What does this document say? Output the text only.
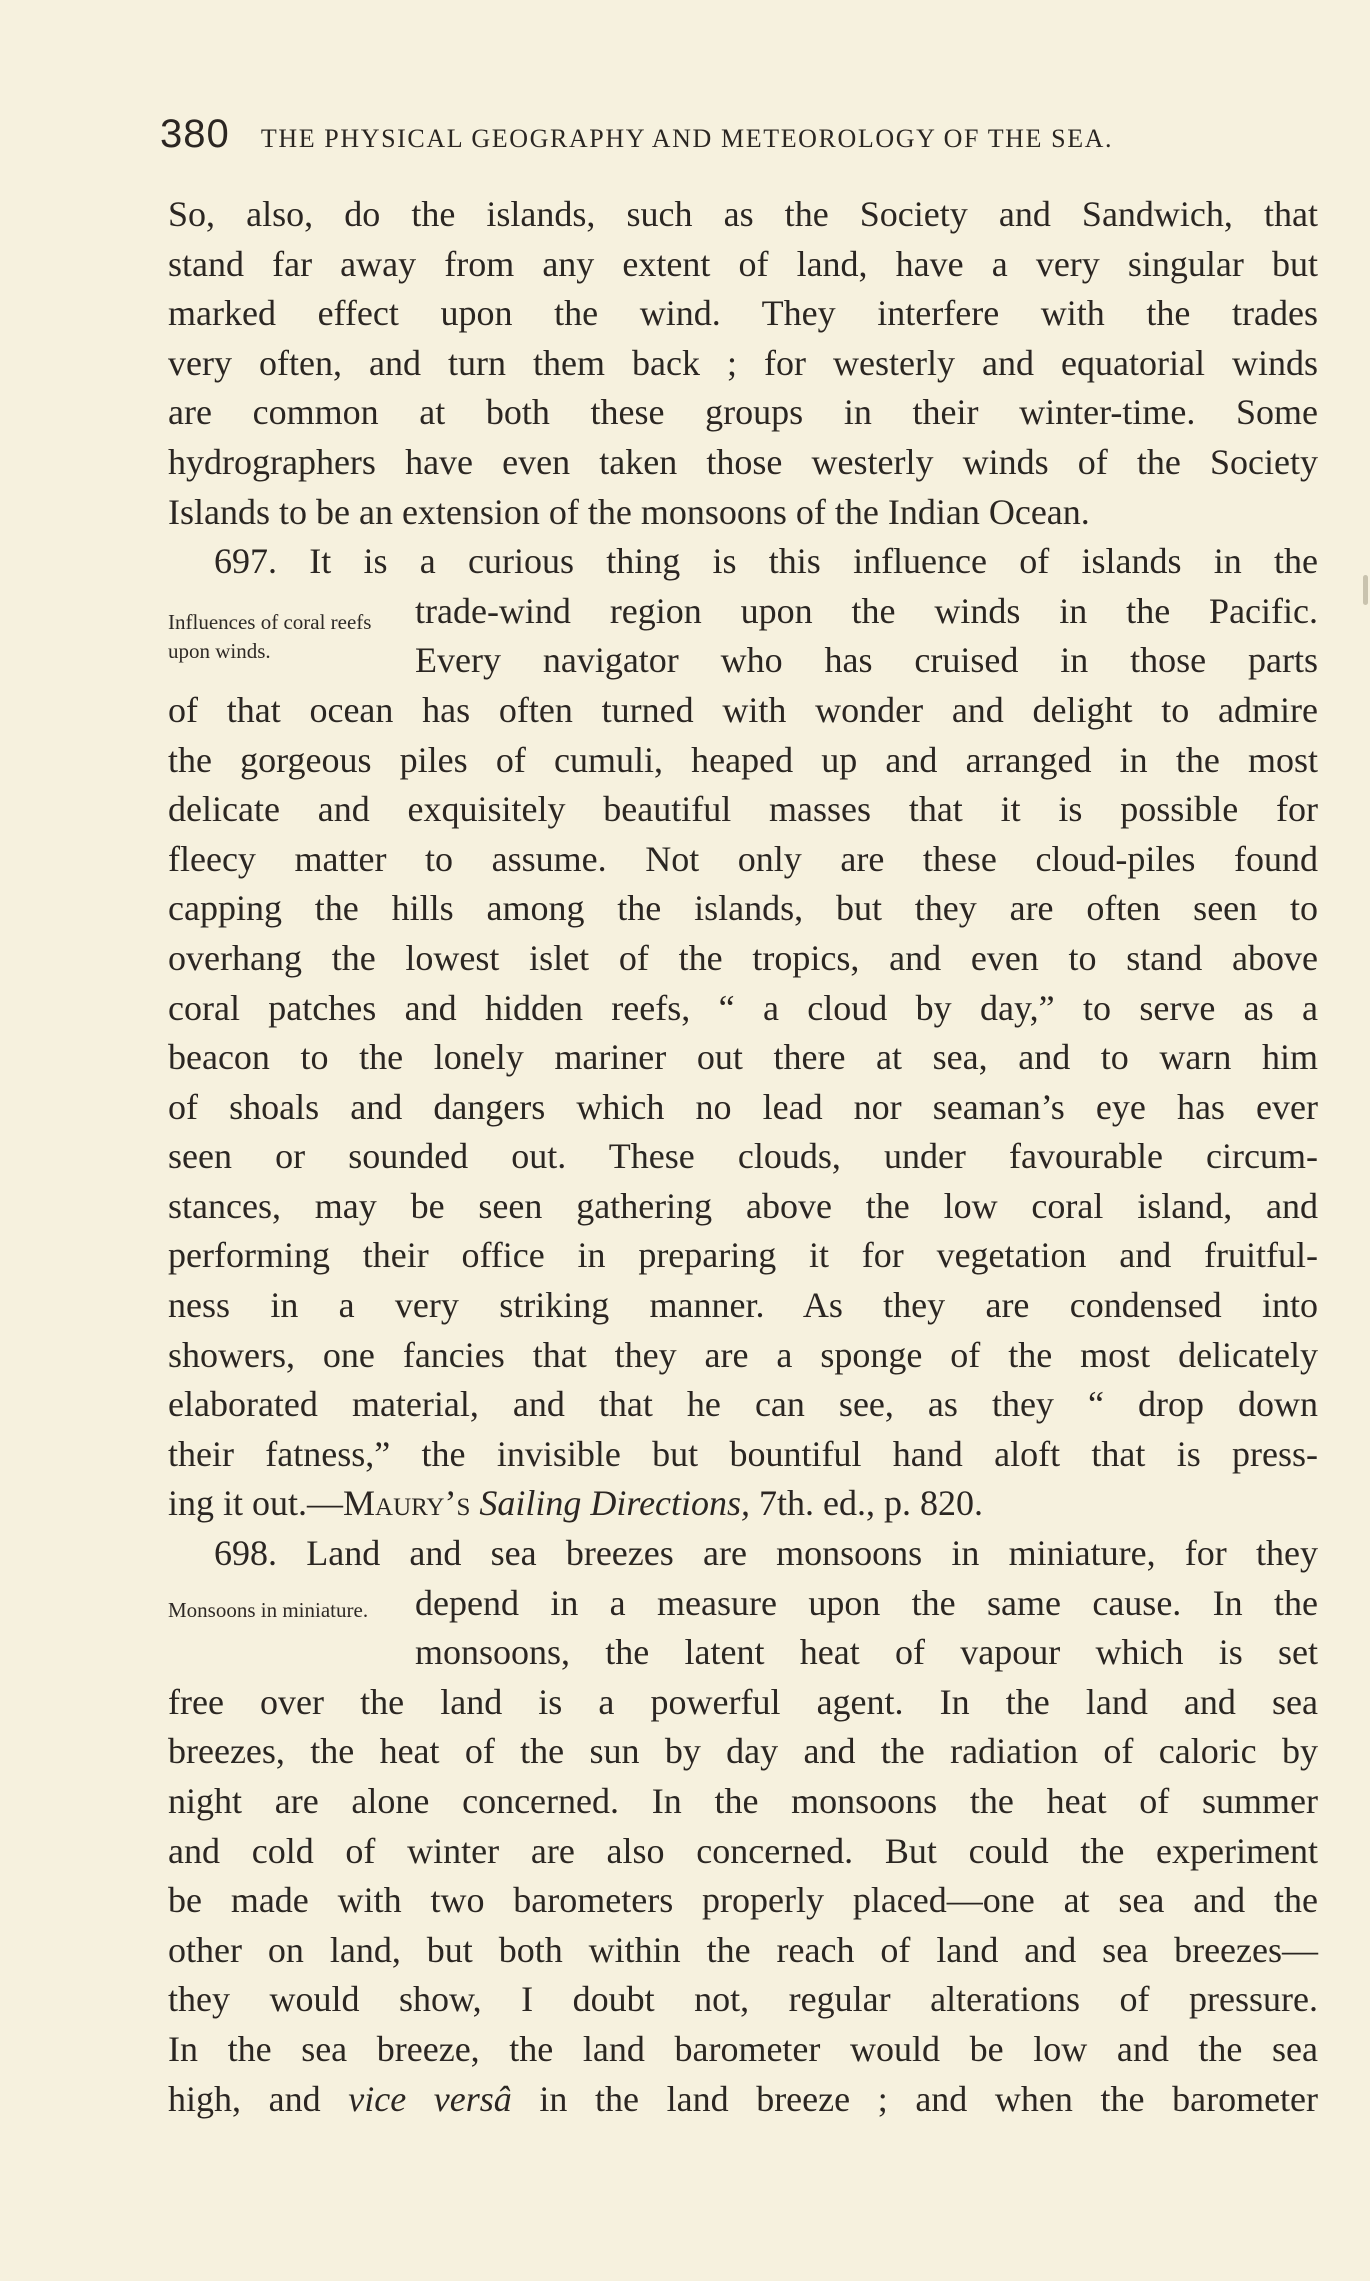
380 THE PHYSICAL GEOGRAPHY AND METEOROLOGY OF THE SEA.
Influences of coral reefs upon winds.
Monsoons in miniature.
So, also, do the islands, such as the Society and Sandwich, that
stand far away from any extent of land, have a very singular but
marked effect upon the wind. They interfere with the trades
very often, and turn them back ; for westerly and equatorial winds
are common at both these groups in their winter-time. Some
hydrographers have even taken those westerly winds of the Society
Islands to be an extension of the monsoons of the Indian Ocean.
697. It is a curious thing is this influence of islands in the
trade-wind region upon the winds in the Pacific.
Every navigator who has cruised in those parts
of that ocean has often turned with wonder and delight to admire
the gorgeous piles of cumuli, heaped up and arranged in the most
delicate and exquisitely beautiful masses that it is possible for
fleecy matter to assume. Not only are these cloud-piles found
capping the hills among the islands, but they are often seen to
overhang the lowest islet of the tropics, and even to stand above
coral patches and hidden reefs, “ a cloud by day,” to serve as a
beacon to the lonely mariner out there at sea, and to warn him
of shoals and dangers which no lead nor seaman’s eye has ever
seen or sounded out. These clouds, under favourable circum-
stances, may be seen gathering above the low coral island, and
performing their office in preparing it for vegetation and fruitful-
ness in a very striking manner. As they are condensed into
showers, one fancies that they are a sponge of the most delicately
elaborated material, and that he can see, as they “ drop down
their fatness,” the invisible but bountiful hand aloft that is press-
ing it out.—Maury’s Sailing Directions, 7th. ed., p. 820.
698. Land and sea breezes are monsoons in miniature, for they
depend in a measure upon the same cause. In the
monsoons, the latent heat of vapour which is set
free over the land is a powerful agent. In the land and sea
breezes, the heat of the sun by day and the radiation of caloric by
night are alone concerned. In the monsoons the heat of summer
and cold of winter are also concerned. But could the experiment
be made with two barometers properly placed—one at sea and the
other on land, but both within the reach of land and sea breezes—
they would show, I doubt not, regular alterations of pressure.
In the sea breeze, the land barometer would be low and the sea
high, and vice versâ in the land breeze ; and when the barometer
